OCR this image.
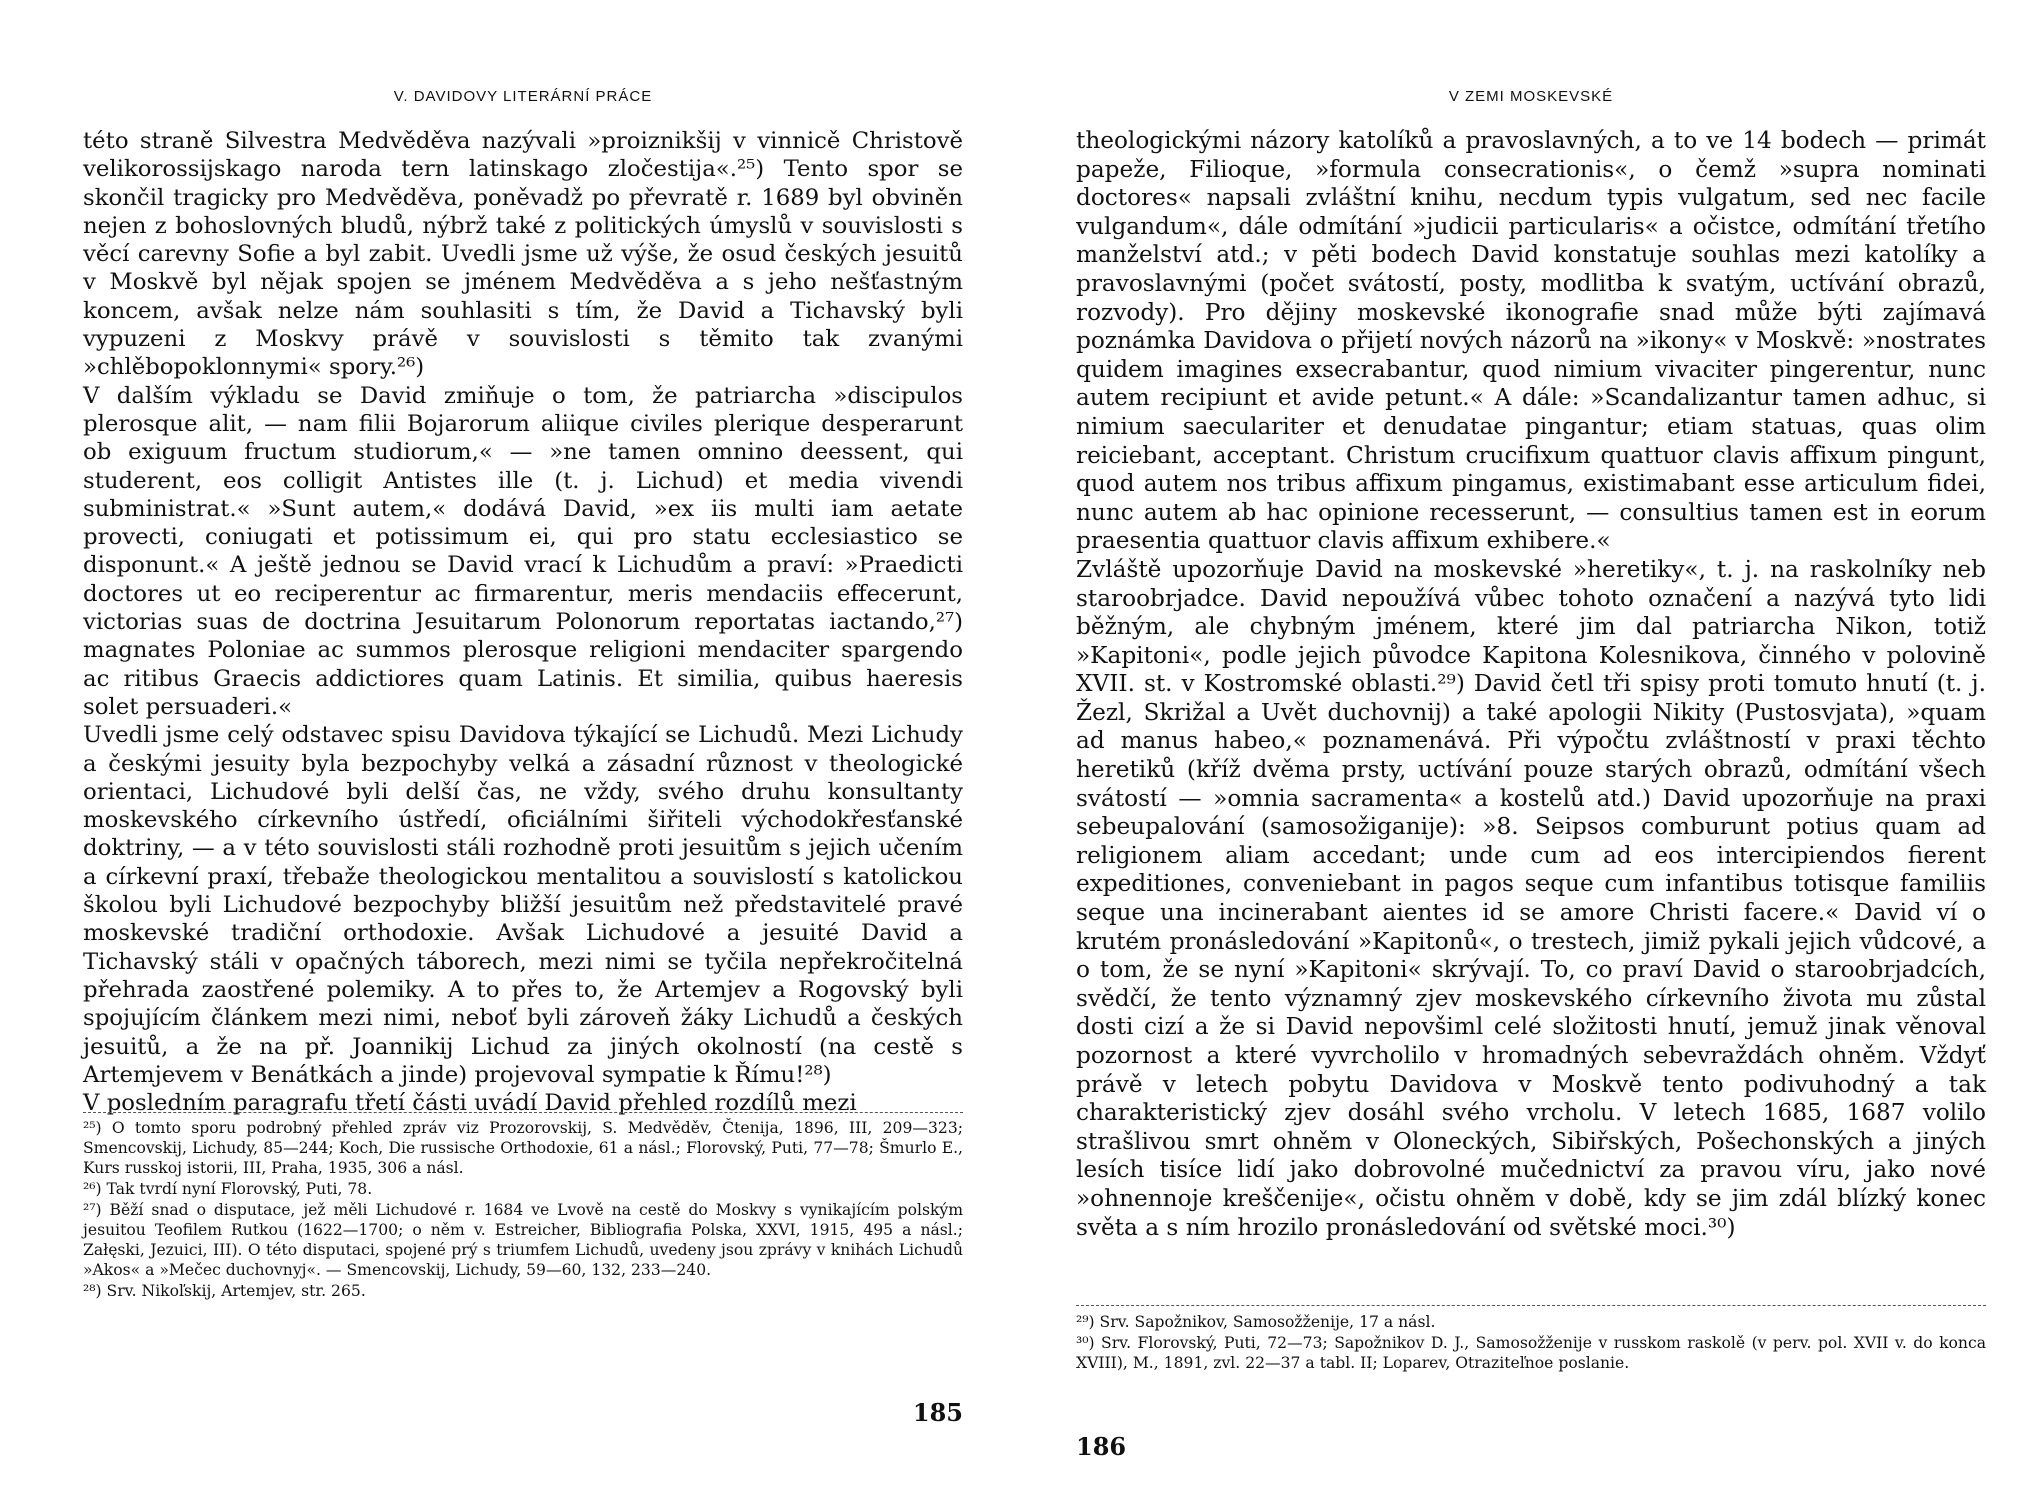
V. DAVIDOVY LITERÁRNÍ PRÁCE

této straně Silvestra Medvěděva nazývali »proiznikšij v vinnicě Christově velikorossijskago naroda tern latinskago zločestija«.²⁵) Tento spor se skončil tragicky pro Medvěděva, poněvadž po převratě r. 1689 byl obviněn nejen z bohoslovných bludů, nýbrž také z politických úmyslů v souvislosti s věcí carevny Sofie a byl zabit. Uvedli jsme už výše, že osud českých jesuitů v Moskvě byl nějak spojen se jménem Medvěděva a s jeho nešťastným koncem, avšak nelze nám souhlasiti s tím, že David a Tichavský byli vypuzeni z Moskvy právě v souvislosti s těmito tak zvanými »chlěbopoklonnymi« spory.²⁶)

V dalším výkladu se David zmiňuje o tom, že patriarcha »discipulos plerosque alit, — nam filii Bojarorum aliique civiles plerique desperarunt ob exiguum fructum studiorum,« — »ne tamen omnino deessent, qui studerent, eos colligit Antistes ille (t. j. Lichud) et media vivendi subministrat.« »Sunt autem,« dodává David, »ex iis multi iam aetate provecti, coniugati et potissimum ei, qui pro statu ecclesiastico se disponunt.« A ještě jednou se David vrací k Lichudům a praví: »Praedicti doctores ut eo reciperentur ac firmarentur, meris mendaciis effecerunt, victorias suas de doctrina Jesuitarum Polonorum reportatas iactando,²⁷) magnates Poloniae ac summos plerosque religioni mendaciter spargendo ac ritibus Graecis addictiores quam Latinis. Et similia, quibus haeresis solet persuaderi.«

Uvedli jsme celý odstavec spisu Davidova týkající se Lichudů. Mezi Lichudy a českými jesuity byla bezpochyby velká a zásadní různost v theologické orientaci, Lichudové byli delší čas, ne vždy, svého druhu konsultanty moskevského církevního ústředí, oficiálními šiřiteli východokřesťanské doktriny, — a v této souvislosti stáli rozhodně proti jesuitům s jejich učením a církevní praxí, třebaže theologickou mentalitou a souvislostí s katolickou školou byli Lichudové bezpochyby bližší jesuitům než představitelé pravé moskevské tradiční orthodoxie. Avšak Lichudové a jesuité David a Tichavský stáli v opačných táborech, mezi nimi se tyčila nepřekročitelná přehrada zaostřené polemiky. A to přes to, že Artemjev a Rogovský byli spojujícím článkem mezi nimi, neboť byli zároveň žáky Lichudů a českých jesuitů, a že na př. Joannikij Lichud za jiných okolností (na cestě s Artemjevem v Benátkách a jinde) projevoval sympatie k Římu!²⁸)

V posledním paragrafu třetí části uvádí David přehled rozdílů mezi

²⁵) O tomto sporu podrobný přehled zpráv viz Prozorovskij, S. Medvěděv, Čtenija, 1896, III, 209—323; Smencovskij, Lichudy, 85—244; Koch, Die russische Orthodoxie, 61 a násl.; Florovský, Puti, 77—78; Šmurlo E., Kurs russkoj istorii, III, Praha, 1935, 306 a násl.

²⁶) Tak tvrdí nyní Florovský, Puti, 78.

²⁷) Běží snad o disputace, jež měli Lichudové r. 1684 ve Lvově na cestě do Moskvy s vynikajícím polským jesuitou Teofilem Rutkou (1622—1700; o něm v. Estreicher, Bibliografia Polska, XXVI, 1915, 495 a násl.; Załęski, Jezuici, III). O této disputaci, spojené prý s triumfem Lichudů, uvedeny jsou zprávy v knihách Lichudů »Akos« a »Mečec duchovnyj«. — Smencovskij, Lichudy, 59—60, 132, 233—240.

²⁸) Srv. Nikoľskij, Artemjev, str. 265.

185
V ZEMI MOSKEVSKÉ

theologickými názory katolíků a pravoslavných, a to ve 14 bodech — primát papeže, Filioque, »formula consecrationis«, o čemž »supra nominati doctores« napsali zvláštní knihu, necdum typis vulgatum, sed nec facile vulgandum«, dále odmítání »judicii particularis« a očistce, odmítání třetího manželství atd.; v pěti bodech David konstatuje souhlas mezi katolíky a pravoslavnými (počet svátostí, posty, modlitba k svatým, uctívání obrazů, rozvody). Pro dějiny moskevské ikonografie snad může býti zajímavá poznámka Davidova o přijetí nových názorů na »ikony« v Moskvě: »nostrates quidem imagines exsecrabantur, quod nimium vivaciter pingerentur, nunc autem recipiunt et avide petunt.« A dále: »Scandalizantur tamen adhuc, si nimium saeculariter et denudatae pingantur; etiam statuas, quas olim reiciebant, acceptant. Christum crucifixum quattuor clavis affixum pingunt, quod autem nos tribus affixum pingamus, existimabant esse articulum fidei, nunc autem ab hac opinione recesserunt, — consultius tamen est in eorum praesentia quattuor clavis affixum exhibere.«

Zvláště upozorňuje David na moskevské »heretiky«, t. j. na raskolníky neb staroobrjadce. David nepoužívá vůbec tohoto označení a nazývá tyto lidi běžným, ale chybným jménem, které jim dal patriarcha Nikon, totiž »Kapitoni«, podle jejich původce Kapitona Kolesnikova, činného v polovině XVII. st. v Kostromské oblasti.²⁹) David četl tři spisy proti tomuto hnutí (t. j. Žezl, Skrižal a Uvět duchovnij) a také apologii Nikity (Pustosvjata), »quam ad manus habeo,« poznamenává. Při výpočtu zvláštností v praxi těchto heretiků (kříž dvěma prsty, uctívání pouze starých obrazů, odmítání všech svátostí — »omnia sacramenta« a kostelů atd.) David upozorňuje na praxi sebeupalování (samosožiganije): »8. Seipsos comburunt potius quam ad religionem aliam accedant; unde cum ad eos intercipiendos fierent expeditiones, conveniebant in pagos seque cum infantibus totisque familiis seque una incinerabant aientes id se amore Christi facere.« David ví o krutém pronásledování »Kapitonů«, o trestech, jimiž pykali jejich vůdcové, a o tom, že se nyní »Kapitoni« skrývají. To, co praví David o staroobrjadcích, svědčí, že tento významný zjev moskevského církevního života mu zůstal dosti cizí a že si David nepovšiml celé složitosti hnutí, jemuž jinak věnoval pozornost a které vyvrcholilo v hromadných sebevraždách ohněm. Vždyť právě v letech pobytu Davidova v Moskvě tento podivuhodný a tak charakteristický zjev dosáhl svého vrcholu. V letech 1685, 1687 volilo strašlivou smrt ohněm v Oloneckých, Sibiřských, Pošechonských a jiných lesích tisíce lidí jako dobrovolné mučednictví za pravou víru, jako nové »ohnennoje kreščenije«, očistu ohněm v době, kdy se jim zdál blízký konec světa a s ním hrozilo pronásledování od světské moci.³⁰)

²⁹) Srv. Sapožnikov, Samosožženije, 17 a násl.

³⁰) Srv. Florovský, Puti, 72—73; Sapožnikov D. J., Samosožženije v russkom raskolě (v perv. pol. XVII v. do konca XVIII), M., 1891, zvl. 22—37 a tabl. II; Loparev, Otraziteľnoe poslanie.

186
